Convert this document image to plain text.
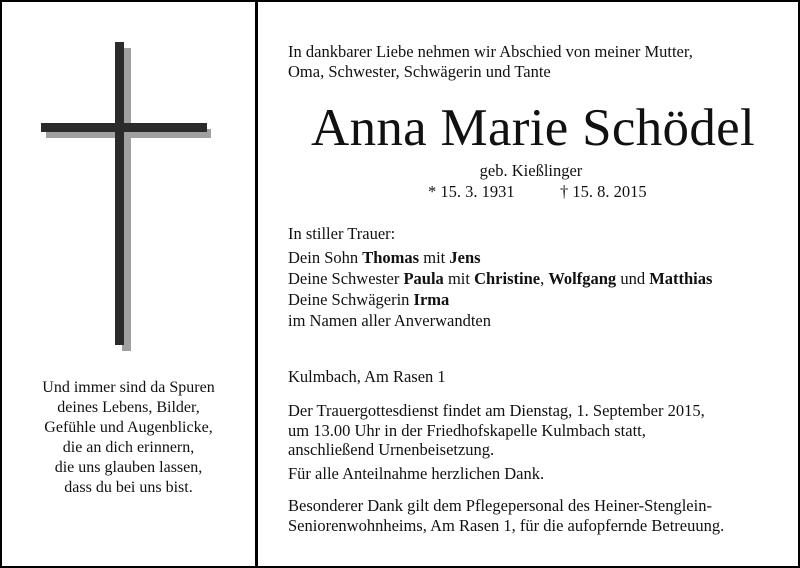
Und immer sind da Spuren
deines Lebens, Bilder,
Gefühle und Augenblicke,
die an dich erinnern,
die uns glauben lassen,
dass du bei uns bist.
In dankbarer Liebe nehmen wir Abschied von meiner Mutter,
Oma, Schwester, Schwägerin und Tante
Anna Marie Schödel
geb. Kießlinger
* 15. 3. 1931	† 15. 8. 2015
In stiller Trauer:
Dein Sohn Thomas mit Jens
Deine Schwester Paula mit Christine, Wolfgang und Matthias
Deine Schwägerin Irma
im Namen aller Anverwandten
Kulmbach, Am Rasen 1
Der Trauergottesdienst findet am Dienstag, 1. September 2015,
um 13.00 Uhr in der Friedhofskapelle Kulmbach statt,
anschließend Urnenbeisetzung.
Für alle Anteilnahme herzlichen Dank.
Besonderer Dank gilt dem Pflegepersonal des Heiner-Stenglein-
Seniorenwohnheims, Am Rasen 1, für die aufopfernde Betreuung.
